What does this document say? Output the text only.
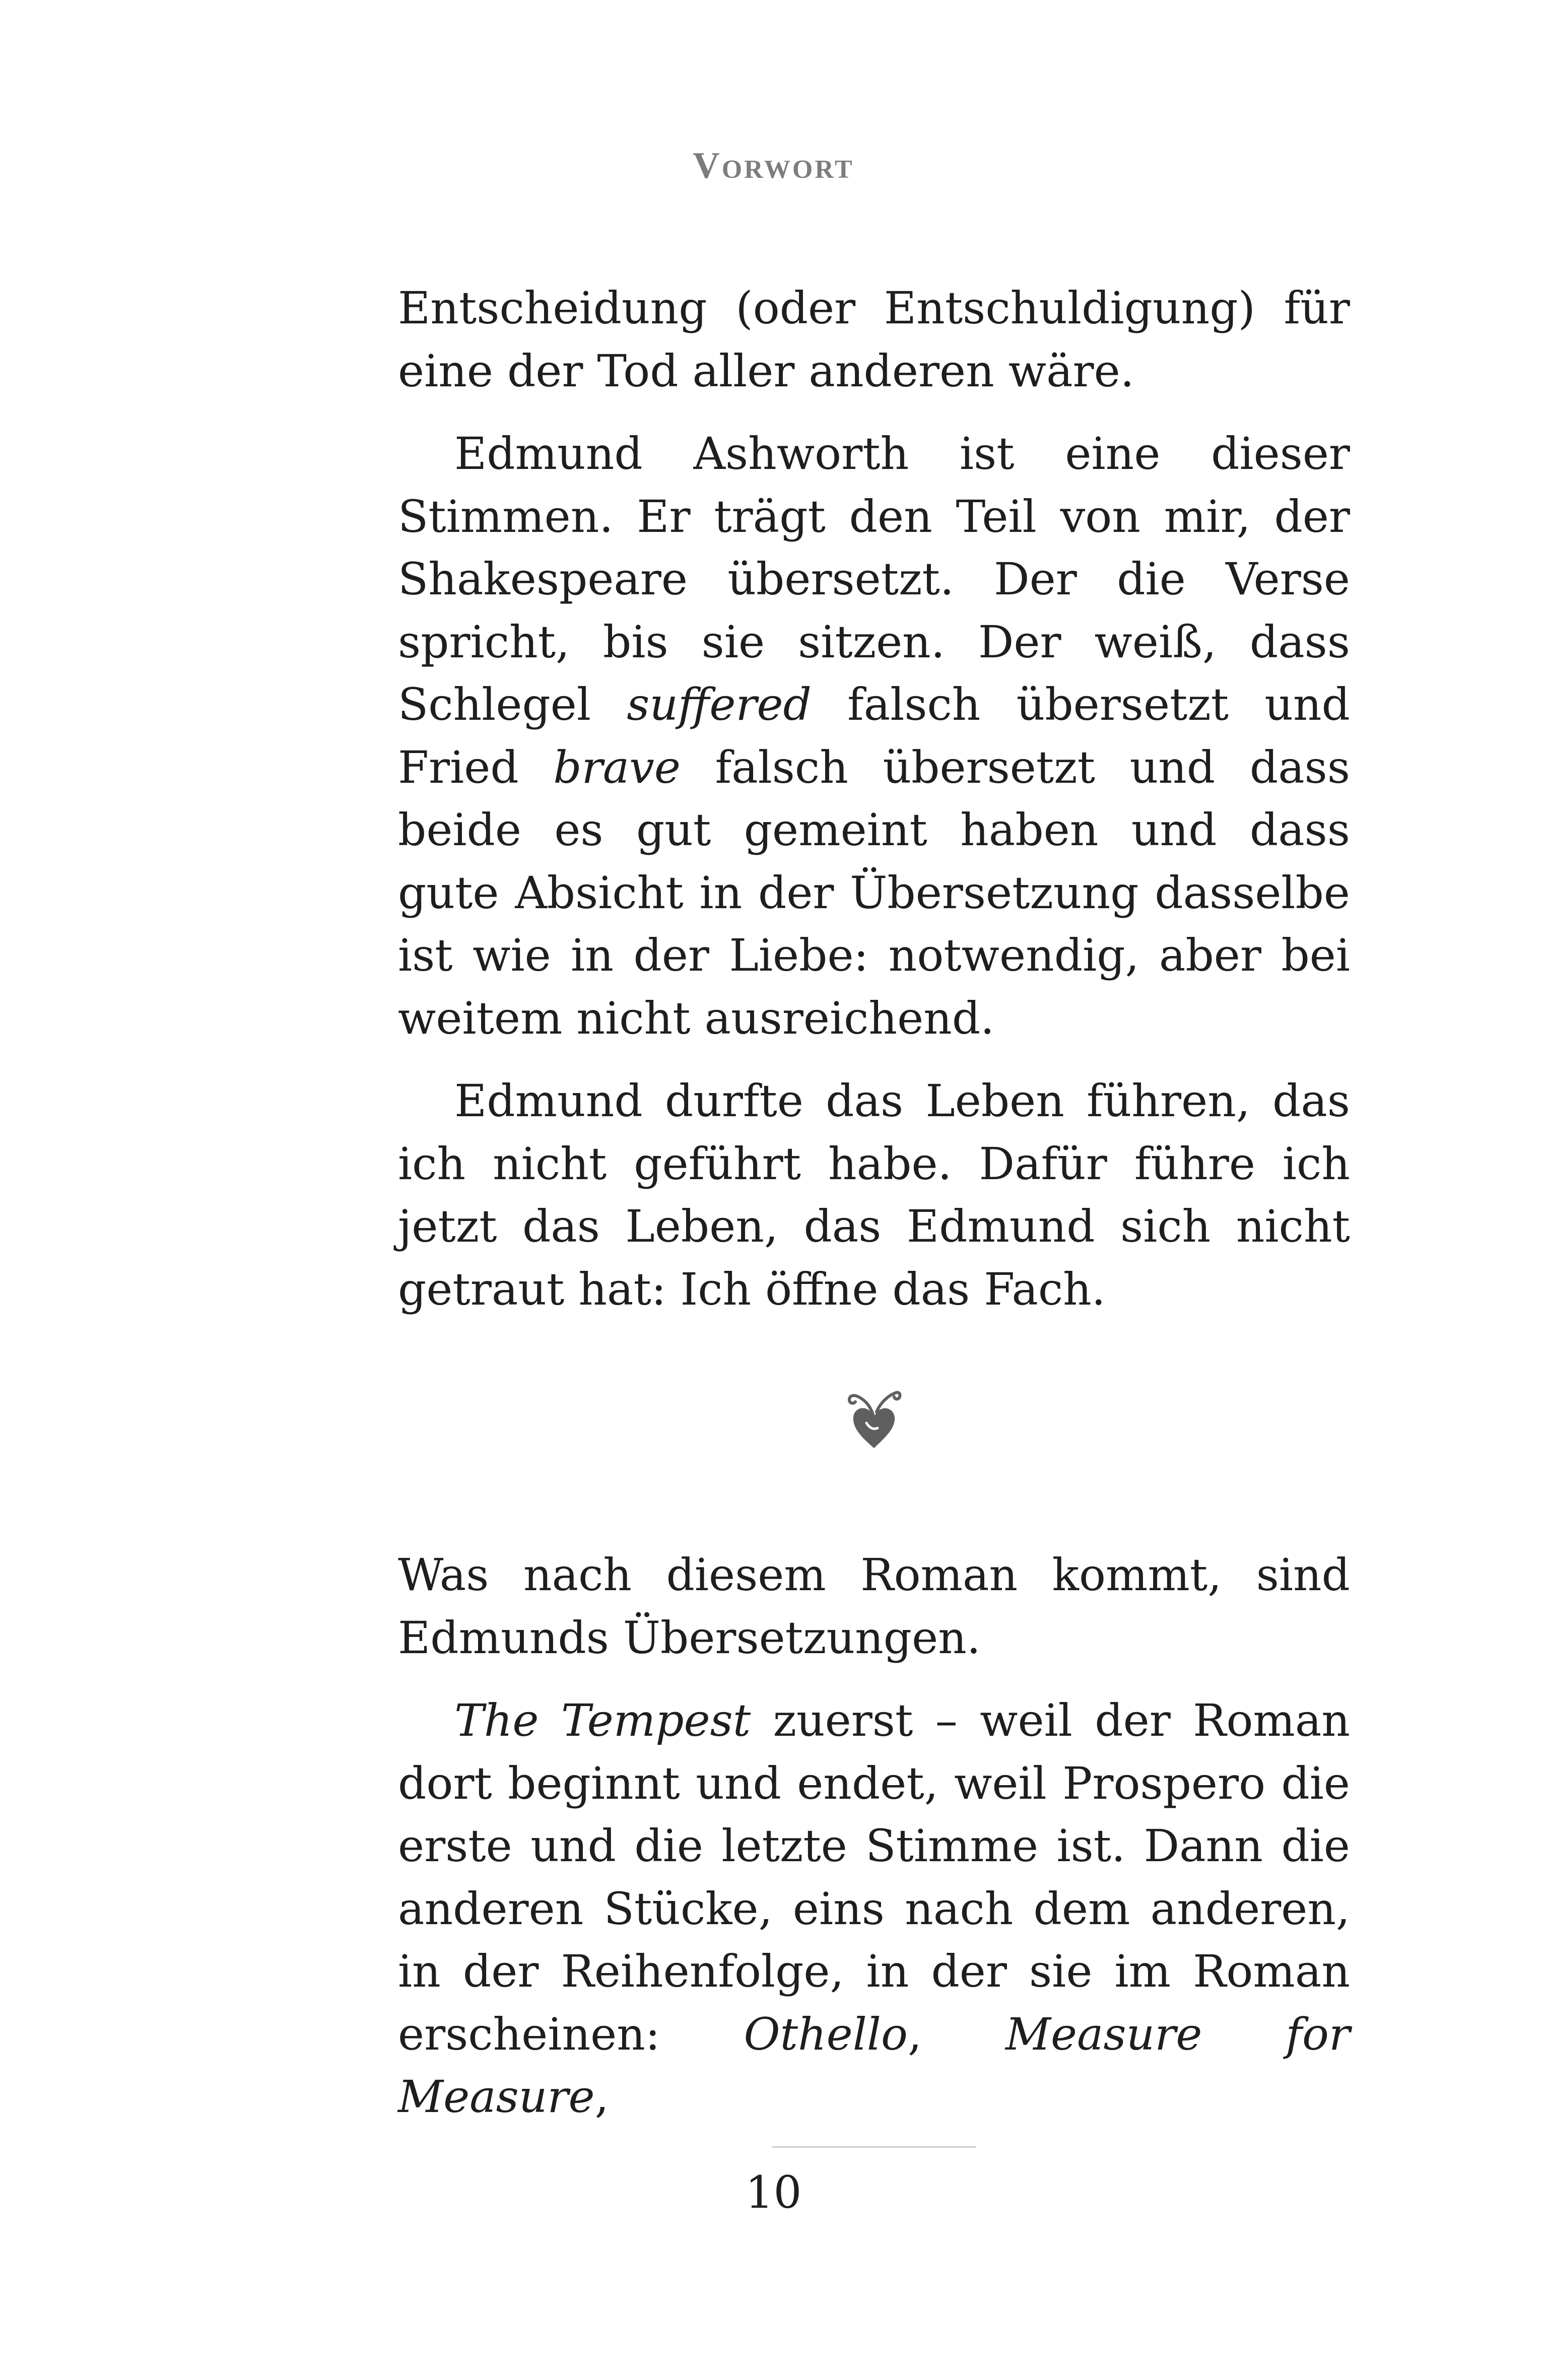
Vorwort

Entscheidung (oder Entschuldigung) für eine der Tod aller anderen wäre.

Edmund Ashworth ist eine dieser Stimmen. Er trägt den Teil von mir, der Shakespeare übersetzt. Der die Verse spricht, bis sie sitzen. Der weiß, dass Schlegel suffered falsch übersetzt und Fried brave falsch übersetzt und dass beide es gut gemeint haben und dass gute Absicht in der Übersetzung dasselbe ist wie in der Liebe: notwendig, aber bei weitem nicht ausreichend.

Edmund durfte das Leben führen, das ich nicht geführt habe. Dafür führe ich jetzt das Leben, das Edmund sich nicht getraut hat: Ich öffne das Fach.

Was nach diesem Roman kommt, sind Edmunds Übersetzungen.

The Tempest zuerst – weil der Roman dort beginnt und endet, weil Prospero die erste und die letzte Stimme ist. Dann die anderen Stücke, eins nach dem anderen, in der Reihenfolge, in der sie im Roman erscheinen: Othello, Measure for Measure,

10
